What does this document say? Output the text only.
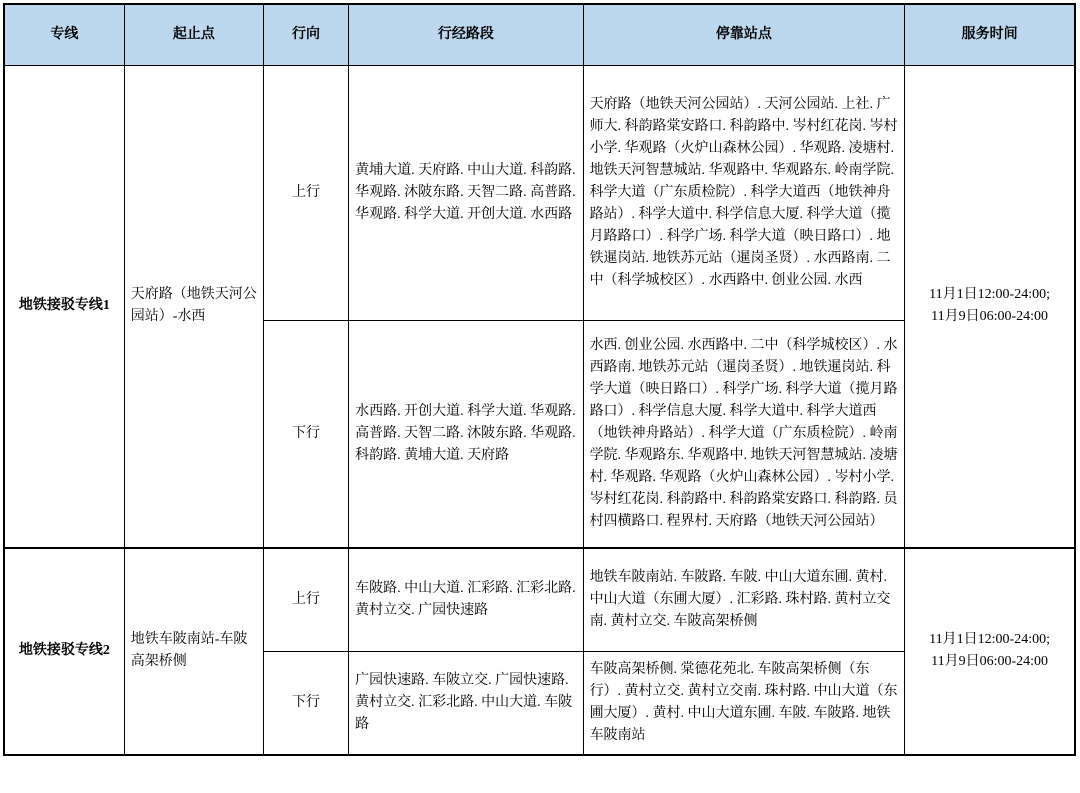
专线	起止点	行向	行经路段	停靠站点	服务时间
地铁接驳专线1	天府路（地铁天河公园站）-水西	上行	黄埔大道. 天府路. 中山大道. 科韵路. 华观路. 沐陂东路. 天智二路. 高普路. 华观路. 科学大道. 开创大道. 水西路	天府路（地铁天河公园站）. 天河公园站. 上社. 广师大. 科韵路棠安路口. 科韵路中. 岑村红花岗. 岑村小学. 华观路（火炉山森林公园）. 华观路. 凌塘村. 地铁天河智慧城站. 华观路中. 华观路东. 岭南学院. 科学大道（广东质检院）. 科学大道西（地铁神舟路站）. 科学大道中. 科学信息大厦. 科学大道（揽月路路口）. 科学广场. 科学大道（映日路口）. 地铁暹岗站. 地铁苏元站（暹岗圣贤）. 水西路南. 二中（科学城校区）. 水西路中. 创业公园. 水西	11月1日12:00-24:00;
11月9日06:00-24:00

		下行	水西路. 开创大道. 科学大道. 华观路. 高普路. 天智二路. 沐陂东路. 华观路. 科韵路. 黄埔大道. 天府路	水西. 创业公园. 水西路中. 二中（科学城校区）. 水西路南. 地铁苏元站（暹岗圣贤）. 地铁暹岗站. 科学大道（映日路口）. 科学广场. 科学大道（揽月路路口）. 科学信息大厦. 科学大道中. 科学大道西（地铁神舟路站）. 科学大道（广东质检院）. 岭南学院. 华观路东. 华观路中. 地铁天河智慧城站. 凌塘村. 华观路. 华观路（火炉山森林公园）. 岑村小学. 岑村红花岗. 科韵路中. 科韵路棠安路口. 科韵路. 员村四横路口. 程界村. 天府路（地铁天河公园站）	
地铁接驳专线2	地铁车陂南站-车陂高架桥侧	上行	车陂路. 中山大道. 汇彩路. 汇彩北路. 黄村立交. 广园快速路	地铁车陂南站. 车陂路. 车陂. 中山大道东圃. 黄村. 中山大道（东圃大厦）. 汇彩路. 珠村路. 黄村立交南. 黄村立交. 车陂高架桥侧	11月1日12:00-24:00;
11月9日06:00-24:00

		下行	广园快速路. 车陂立交. 广园快速路. 黄村立交. 汇彩北路. 中山大道. 车陂路	车陂高架桥侧. 棠德花苑北. 车陂高架桥侧（东行）. 黄村立交. 黄村立交南. 珠村路. 中山大道（东圃大厦）. 黄村. 中山大道东圃. 车陂. 车陂路. 地铁车陂南站	
